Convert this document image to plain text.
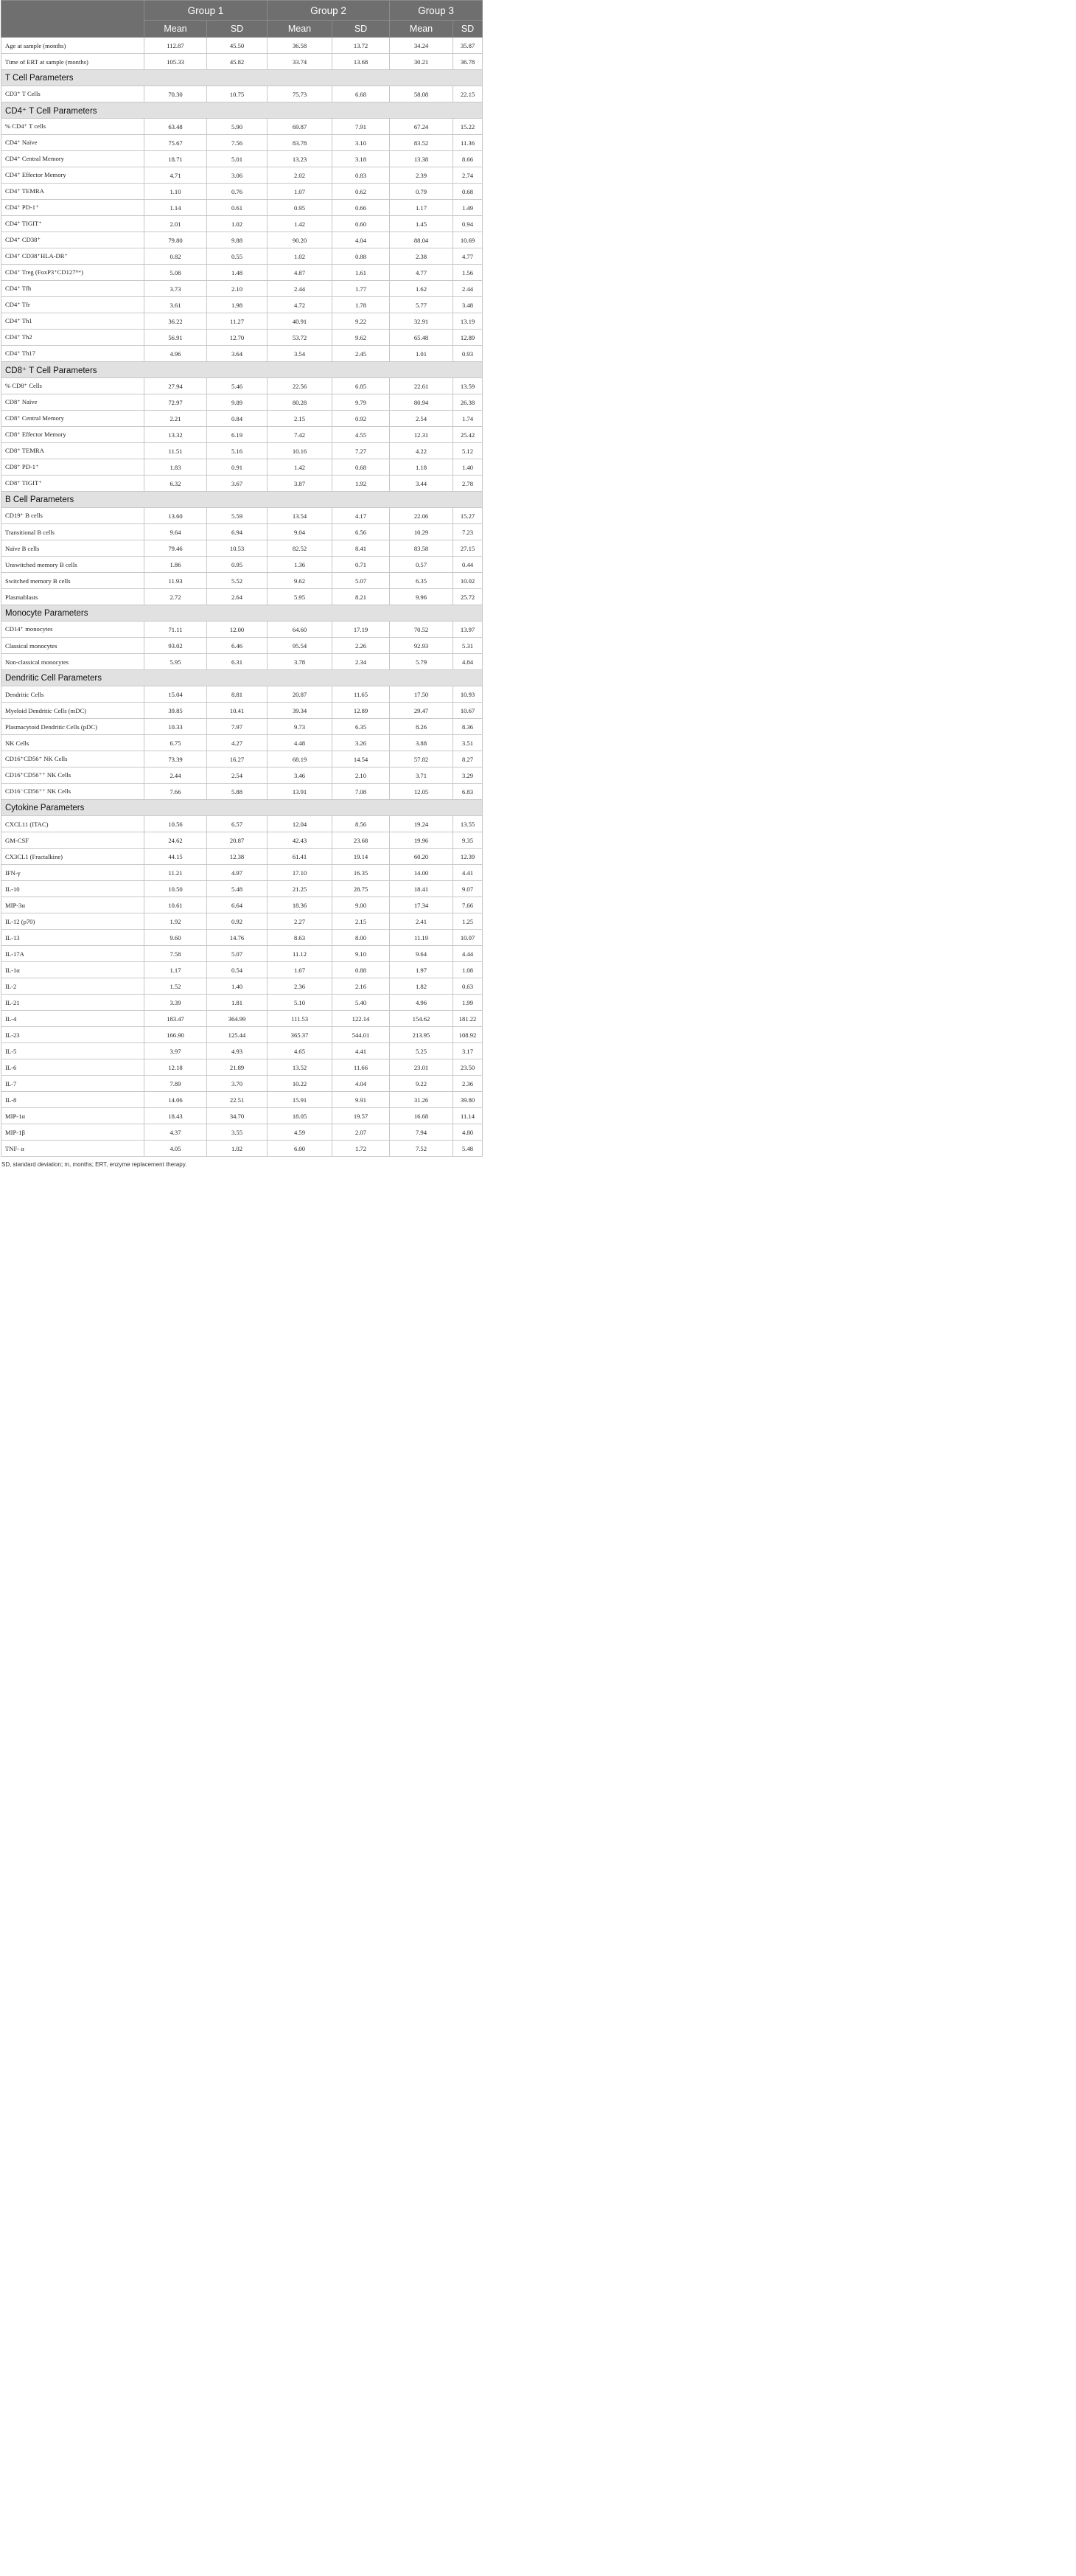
	Group 1		Group 2		Group 3	
	Mean	SD	Mean	SD	Mean	SD
Age at sample (months)	112.87	45.50	36.58	13.72	34.24	35.87
Time of ERT at sample (months)	105.33	45.82	33.74	13.68	30.21	36.78
T Cell Parameters						
CD3⁺ T Cells	70.30	10.75	75.73	6.68	58.08	22.15
CD4⁺ T Cell Parameters						
% CD4⁺ T cells	63.48	5.90	69.87	7.91	67.24	15.22
CD4⁺ Naïve	75.67	7.56	83.78	3.10	83.52	11.36
CD4⁺ Central Memory	18.71	5.01	13.23	3.18	13.38	8.66
CD4⁺ Effector Memory	4.71	3.06	2.02	0.83	2.39	2.74
CD4⁺ TEMRA	1.10	0.76	1.07	0.62	0.79	0.68
CD4⁺ PD-1⁺	1.14	0.61	0.95	0.66	1.17	1.49
CD4⁺ TIGIT⁺	2.01	1.02	1.42	0.60	1.45	0.94
CD4⁺ CD38⁺	79.80	9.88	90.20	4.04	88.04	10.69
CD4⁺ CD38⁺HLA-DR⁺	0.82	0.55	1.02	0.88	2.38	4.77
CD4⁺ Treg (FoxP3⁺CD127ˡᵒʷ)	5.08	1.48	4.87	1.61	4.77	1.56
CD4⁺ Tfh	3.73	2.10	2.44	1.77	1.62	2.44
CD4⁺ Tfr	3.61	1.98	4.72	1.78	5.77	3.48
CD4⁺ Th1	36.22	11.27	40.91	9.22	32.91	13.19
CD4⁺ Th2	56.91	12.70	53.72	9.62	65.48	12.89
CD4⁺ Th17	4.96	3.64	3.54	2.45	1.01	0.93
CD8⁺ T Cell Parameters						
% CD8⁺ Cells	27.94	5.46	22.56	6.85	22.61	13.59
CD8⁺ Naïve	72.97	9.89	80.28	9.79	80.94	26.38
CD8⁺ Central Memory	2.21	0.84	2.15	0.92	2.54	1.74
CD8⁺ Effector Memory	13.32	6.19	7.42	4.55	12.31	25.42
CD8⁺ TEMRA	11.51	5.16	10.16	7.27	4.22	5.12
CD8⁺ PD-1⁺	1.83	0.91	1.42	0.68	1.18	1.40
CD8⁺ TIGIT⁺	6.32	3.67	3.87	1.92	3.44	2.78
B Cell Parameters						
CD19⁺ B cells	13.60	5.59	13.54	4.17	22.06	15.27
Transitional B cells	9.64	6.94	9.04	6.56	10.29	7.23
Naïve B cells	79.46	10.53	82.52	8.41	83.58	27.15
Unswitched memory B cells	1.86	0.95	1.36	0.71	0.57	0.44
Switched memory B cells	11.93	5.52	9.62	5.07	6.35	10.02
Plasmablasts	2.72	2.64	5.95	8.21	9.96	25.72
Monocyte Parameters						
CD14⁺ monocytes	71.11	12.00	64.60	17.19	70.52	13.97
Classical monocytes	93.02	6.46	95.54	2.26	92.93	5.31
Non-classical monocytes	5.95	6.31	3.78	2.34	5.79	4.84
Dendritic Cell Parameters						
Dendritic Cells	15.04	8.81	20.87	11.65	17.50	10.93
Myeloid Dendritic Cells (mDC)	39.85	10.41	39.34	12.89	29.47	10.67
Plasmacytoid Dendritic Cells (pDC)	10.33	7.97	9.73	6.35	8.26	8.36
NK Cells	6.75	4.27	4.48	3.26	3.88	3.51
CD16⁺CD56⁺ NK Cells	73.39	16.27	68.19	14.54	57.82	8.27
CD16⁺CD56⁺⁺ NK Cells	2.44	2.54	3.46	2.10	3.71	3.29
CD16⁻CD56⁺⁺ NK Cells	7.66	5.88	13.91	7.08	12.05	6.83
Cytokine Parameters						
CXCL11 (ITAC)	10.56	6.57	12.04	8.56	19.24	13.55
GM-CSF	24.62	20.87	42.43	23.68	19.96	9.35
CX3CL1 (Fractalkine)	44.15	12.38	61.41	19.14	60.20	12.39
IFN-γ	11.21	4.97	17.10	16.35	14.00	4.41
IL-10	10.50	5.48	21.25	28.75	18.41	9.07
MIP-3α	10.61	6.64	18.36	9.00	17.34	7.66
IL-12 (p70)	1.92	0.92	2.27	2.15	2.41	1.25
IL-13	9.60	14.76	8.63	8.00	11.19	10.07
IL-17A	7.58	5.07	11.12	9.10	9.64	4.44
IL-1α	1.17	0.54	1.67	0.88	1.97	1.08
IL-2	1.52	1.40	2.36	2.16	1.82	0.63
IL-21	3.39	1.81	5.10	5.40	4.96	1.99
IL-4	183.47	364.99	111.53	122.14	154.62	181.22
IL-23	166.90	125.44	365.37	544.01	213.95	108.92
IL-5	3.97	4.93	4.65	4.41	5.25	3.17
IL-6	12.18	21.89	13.52	11.66	23.01	23.50
IL-7	7.89	3.70	10.22	4.04	9.22	2.36
IL-8	14.06	22.51	15.91	9.91	31.26	39.80
MIP-1α	18.43	34.70	18.05	19.57	16.68	11.14
MIP-1β	4.37	3.55	4.59	2.07	7.94	4.80
TNF- α	4.05	1.02	6.00	1.72	7.52	5.48
SD, standard deviation; m, months; ERT, enzyme replacement therapy.
